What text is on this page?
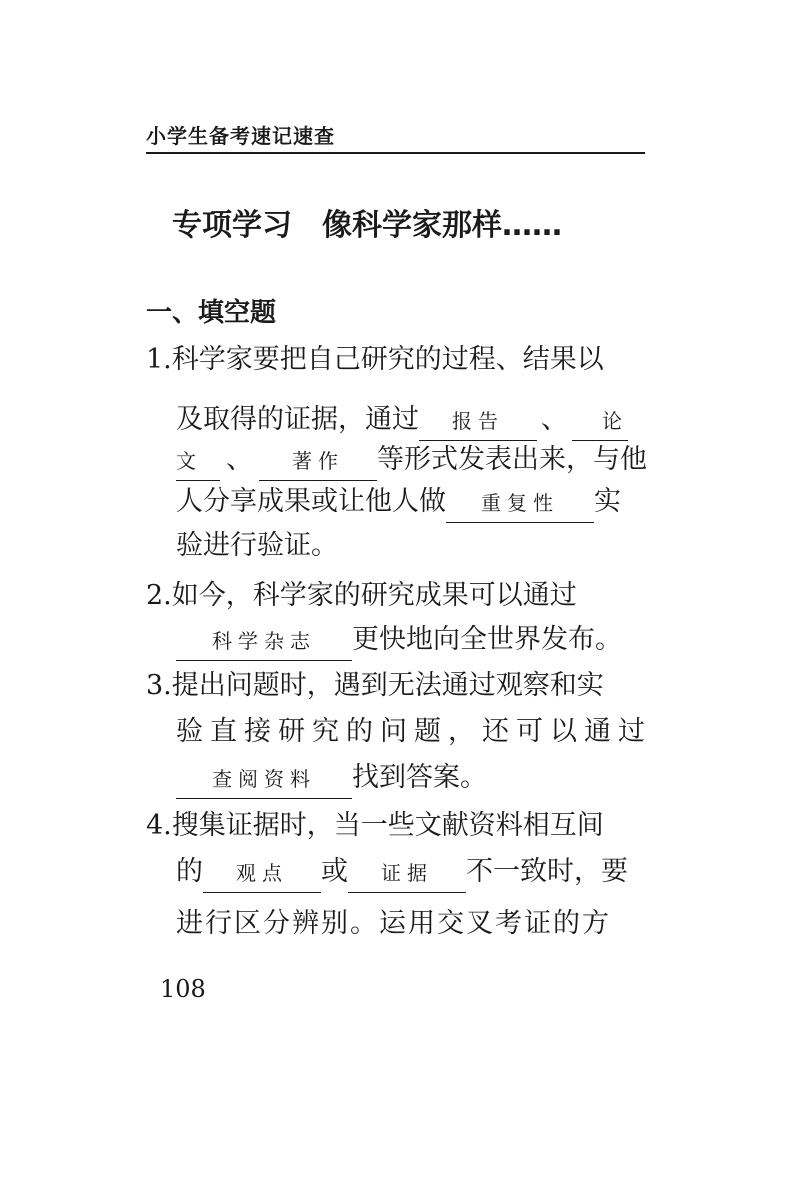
小学生备考速记速查
专项学习　像科学家那样……
一、填空题
1.科学家要把自己研究的过程、结果以
及取得的证据，通过 报告 、 论
文 、 著作 等形式发表出来，与他
人分享成果或让他人做 重复性 实
验进行验证。
2.如今，科学家的研究成果可以通过
科学杂志 更快地向全世界发布。
3.提出问题时，遇到无法通过观察和实
验直接研究的问题，还可以通过
查阅资料 找到答案。
4.搜集证据时，当一些文献资料相互间
的 观点 或 证据 不一致时，要
进行区分辨别。运用交叉考证的方
108
